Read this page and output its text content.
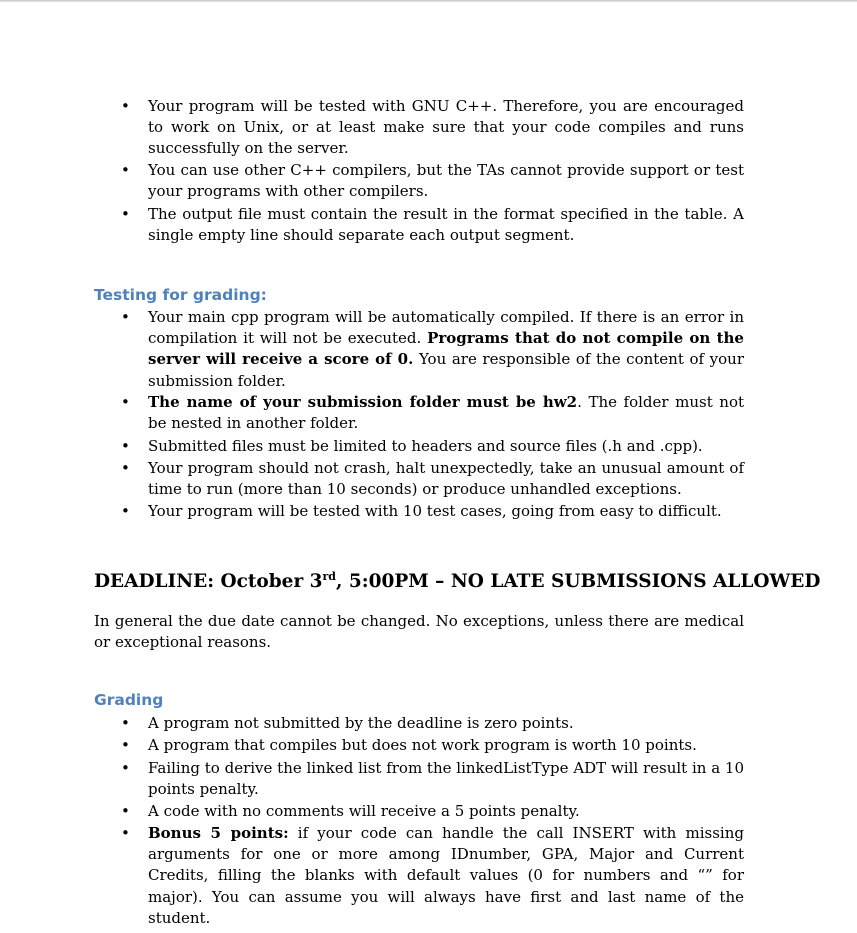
• Your program will be tested with GNU C++. Therefore, you are encouraged to work on Unix, or at least make sure that your code compiles and runs successfully on the server.
• You can use other C++ compilers, but the TAs cannot provide support or test your programs with other compilers.
• The output file must contain the result in the format specified in the table. A single empty line should separate each output segment.
Testing for grading:
• Your main cpp program will be automatically compiled. If there is an error in compilation it will not be executed. Programs that do not compile on the server will receive a score of 0. You are responsible of the content of your submission folder.
• The name of your submission folder must be hw2. The folder must not be nested in another folder.
• Submitted files must be limited to headers and source files (.h and .cpp).
• Your program should not crash, halt unexpectedly, take an unusual amount of time to run (more than 10 seconds) or produce unhandled exceptions.
• Your program will be tested with 10 test cases, going from easy to difficult.
DEADLINE: October 3rd, 5:00PM – NO LATE SUBMISSIONS ALLOWED
In general the due date cannot be changed. No exceptions, unless there are medical or exceptional reasons.
Grading
• A program not submitted by the deadline is zero points.
• A program that compiles but does not work program is worth 10 points.
• Failing to derive the linked list from the linkedListType ADT will result in a 10 points penalty.
• A code with no comments will receive a 5 points penalty.
• Bonus 5 points: if your code can handle the call INSERT with missing arguments for one or more among IDnumber, GPA, Major and Current Credits, filling the blanks with default values (0 for numbers and “” for major). You can assume you will always have first and last name of the student.
